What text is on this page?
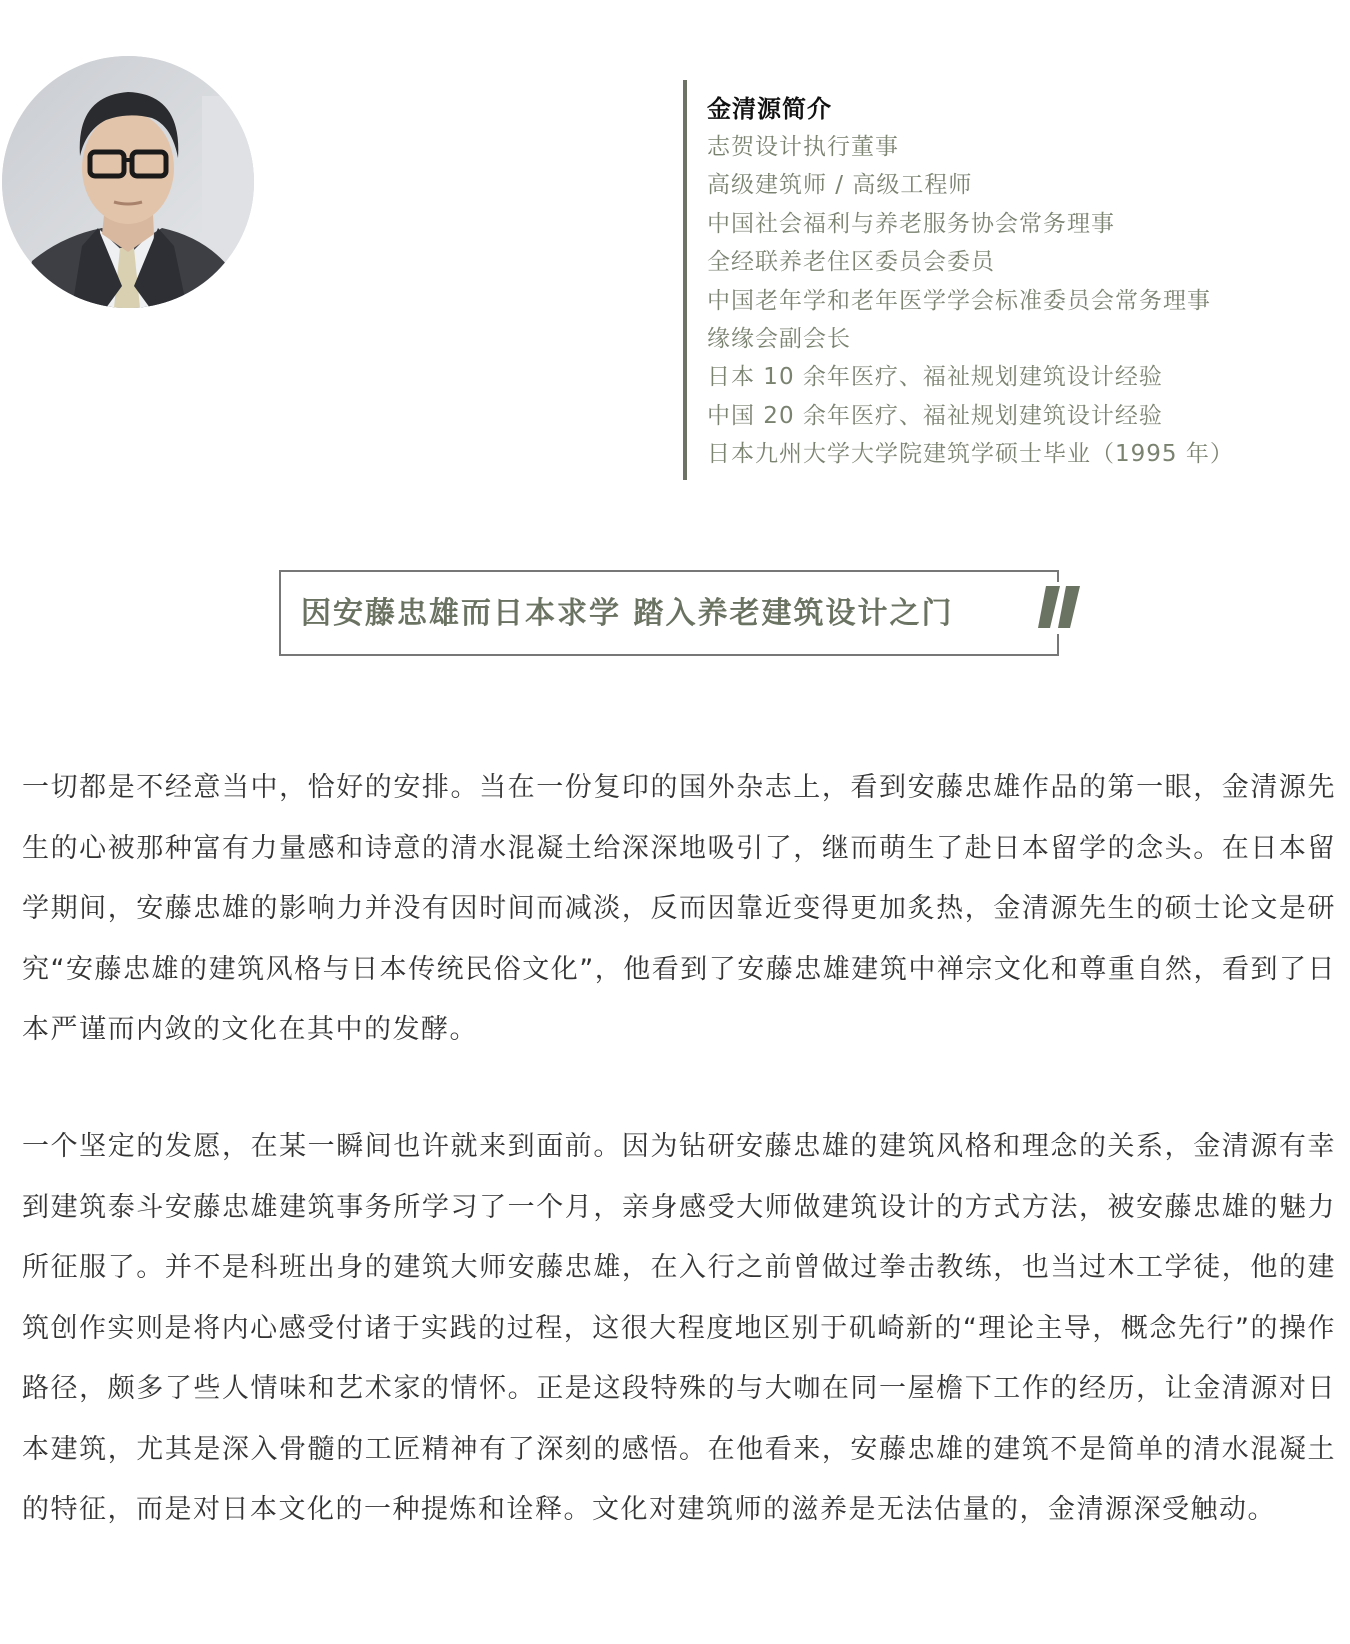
金清源简介
志贺设计执行董事
高级建筑师 / 高级工程师
中国社会福利与养老服务协会常务理事
全经联养老住区委员会委员
中国老年学和老年医学学会标准委员会常务理事
缘缘会副会长
日本 10 余年医疗、福祉规划建筑设计经验
中国 20 余年医疗、福祉规划建筑设计经验
日本九州大学大学院建筑学硕士毕业（1995 年）
因安藤忠雄而日本求学 踏入养老建筑设计之门

一切都是不经意当中，恰好的安排。当在一份复印的国外杂志上，看到安藤忠雄作品的第一眼，金清源先生的心被那种富有力量感和诗意的清水混凝土给深深地吸引了，继而萌生了赴日本留学的念头。在日本留学期间，安藤忠雄的影响力并没有因时间而减淡，反而因靠近变得更加炙热，金清源先生的硕士论文是研究“安藤忠雄的建筑风格与日本传统民俗文化”，他看到了安藤忠雄建筑中禅宗文化和尊重自然，看到了日本严谨而内敛的文化在其中的发酵。

一个坚定的发愿，在某一瞬间也许就来到面前。因为钻研安藤忠雄的建筑风格和理念的关系，金清源有幸到建筑泰斗安藤忠雄建筑事务所学习了一个月，亲身感受大师做建筑设计的方式方法，被安藤忠雄的魅力所征服了。并不是科班出身的建筑大师安藤忠雄，在入行之前曾做过拳击教练，也当过木工学徒，他的建筑创作实则是将内心感受付诸于实践的过程，这很大程度地区别于矶崎新的“理论主导，概念先行”的操作路径，颇多了些人情味和艺术家的情怀。正是这段特殊的与大咖在同一屋檐下工作的经历，让金清源对日本建筑，尤其是深入骨髓的工匠精神有了深刻的感悟。在他看来，安藤忠雄的建筑不是简单的清水混凝土的特征，而是对日本文化的一种提炼和诠释。文化对建筑师的滋养是无法估量的，金清源深受触动。
